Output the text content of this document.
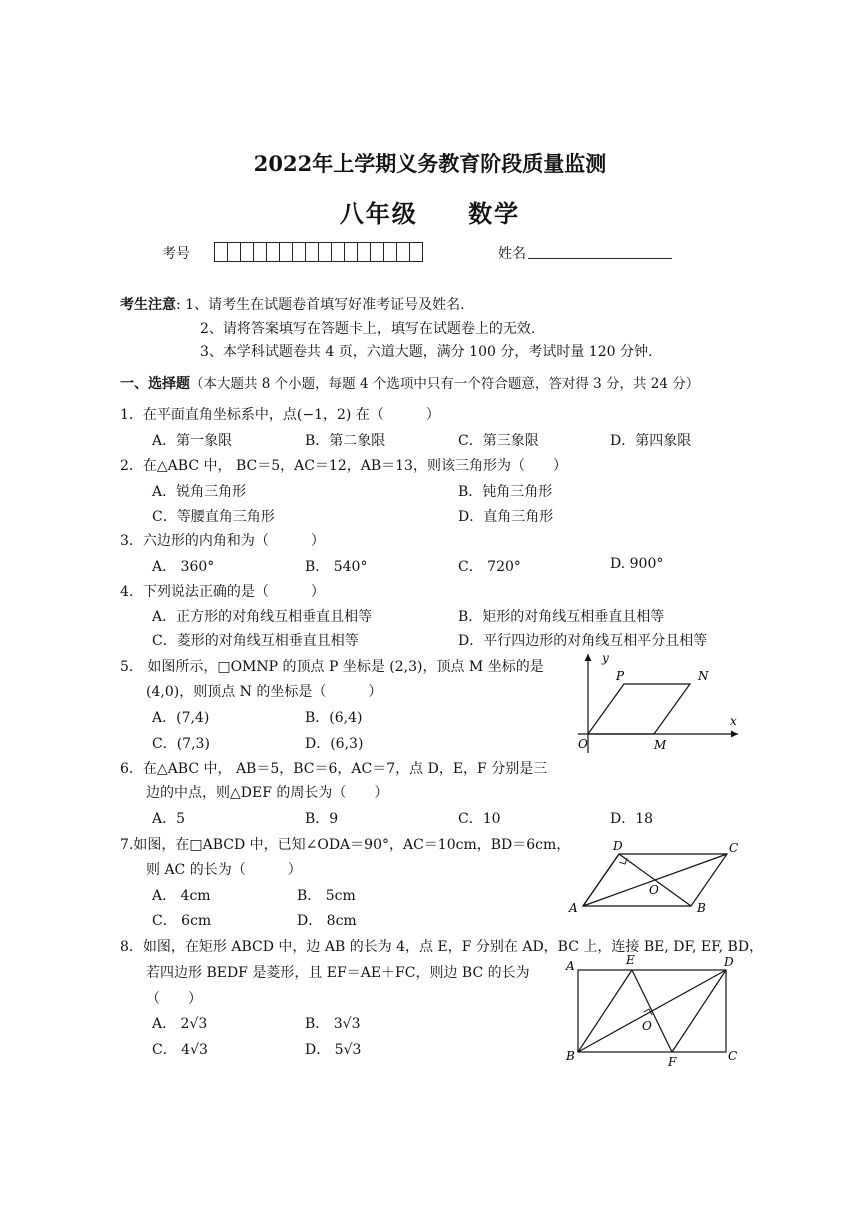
2022年上学期义务教育阶段质量监测
八年级 数学
考号	姓名
考生注意: 1、请考生在试题卷首填写好准考证号及姓名.
2、请将答案填写在答题卡上，填写在试题卷上的无效.
3、本学科试题卷共 4 页，六道大题，满分 100 分，考试时量 120 分钟.
一、选择题（本大题共 8 个小题，每题 4 个选项中只有一个符合题意，答对得 3 分，共 24 分）
1．在平面直角坐标系中，点(−1，2) 在（　　　）
A．第一象限	B．第二象限	C．第三象限	D．第四象限
2．在△ABC 中， BC＝5，AC＝12，AB＝13，则该三角形为（　　）
A．锐角三角形	B．钝角三角形
C．等腰直角三角形	D．直角三角形
3．六边形的内角和为（　　　）
A． 360°	B． 540°	C． 720°	D. 900°
4．下列说法正确的是（　　　）
A．正方形的对角线互相垂直且相等	B．矩形的对角线互相垂直且相等
C．菱形的对角线互相垂直且相等	D．平行四边形的对角线互相平分且相等
5.　如图所示，□OMNP 的顶点 P 坐标是 (2,3)，顶点 M 坐标的是
(4,0)，则顶点 N 的坐标是（　　　）
A．(7,4)	B．(6,4)
C．(7,3)	D．(6,3)
y
P	N
x
O	M
6．在△ABC 中， AB＝5，BC＝6，AC＝7，点 D，E，F 分别是三
边的中点，则△DEF 的周长为（　　）
A．5	B．9	C．10	D．18
7.如图，在□ABCD 中，已知∠ODA＝90°，AC＝10cm，BD＝6cm，
则 AC 的长为（　　　）
A． 4cm	B． 5cm
C． 6cm	D． 8cm
D	C
O
A	B
8．如图，在矩形 ABCD 中，边 AB 的长为 4，点 E，F 分别在 AD，BC 上，连接 BE, DF, EF, BD，
若四边形 BEDF 是菱形，且 EF＝AE＋FC，则边 BC 的长为
（　　）
A． 2√3	B． 3√3
C． 4√3	D． 5√3
A	E	D
O
B	F	C
